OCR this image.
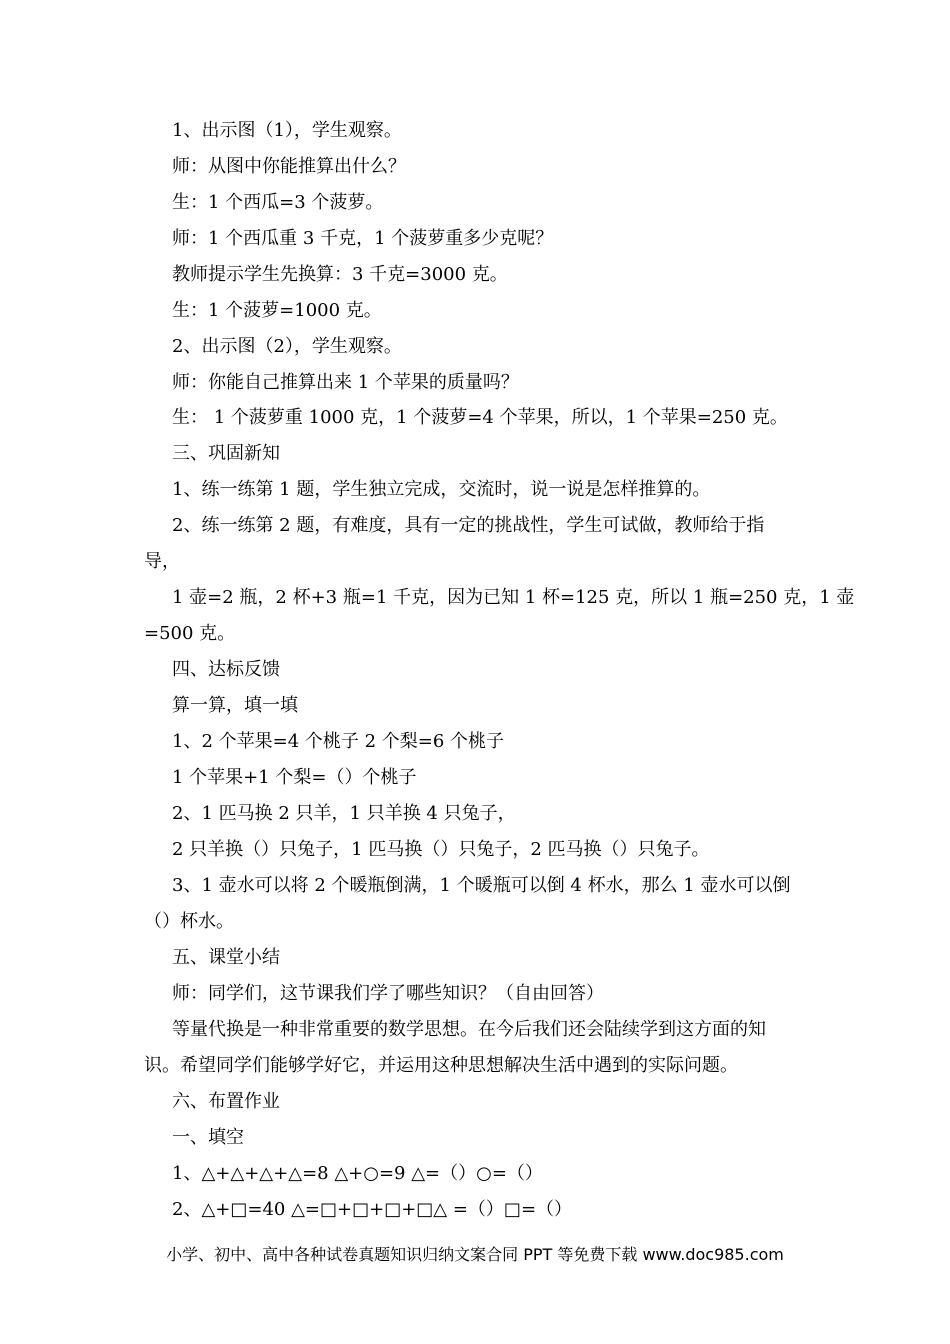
1、出示图（1），学生观察。
师：从图中你能推算出什么？
生：1 个西瓜=3 个菠萝。
师：1 个西瓜重 3 千克，1 个菠萝重多少克呢？
教师提示学生先换算：3 千克=3000 克。
生：1 个菠萝=1000 克。
2、出示图（2），学生观察。
师：你能自己推算出来 1 个苹果的质量吗？
生： 1 个菠萝重 1000 克，1 个菠萝=4 个苹果，所以，1 个苹果=250 克。
三、巩固新知
1、练一练第 1 题，学生独立完成，交流时，说一说是怎样推算的。
2、练一练第 2 题，有难度，具有一定的挑战性，学生可试做，教师给于指
导，
1 壶=2 瓶，2 杯+3 瓶=1 千克，因为已知 1 杯=125 克，所以 1 瓶=250 克，1 壶
=500 克。
四、达标反馈
算一算，填一填
1、2 个苹果=4 个桃子 2 个梨=6 个桃子
1 个苹果+1 个梨=（）个桃子
2、1 匹马换 2 只羊，1 只羊换 4 只兔子，
2 只羊换（）只兔子，1 匹马换（）只兔子，2 匹马换（）只兔子。
3、1 壶水可以将 2 个暖瓶倒满，1 个暖瓶可以倒 4 杯水，那么 1 壶水可以倒
（）杯水。
五、课堂小结
师：同学们，这节课我们学了哪些知识？（自由回答）
等量代换是一种非常重要的数学思想。在今后我们还会陆续学到这方面的知
识。希望同学们能够学好它，并运用这种思想解决生活中遇到的实际问题。
六、布置作业
一、填空
1、△+△+△+△=8 △+○=9 △=（）○=（）
2、△+□=40 △=□+□+□+□△ =（）□=（）
小学、初中、高中各种试卷真题知识归纳文案合同 PPT 等免费下载 www.doc985.com
